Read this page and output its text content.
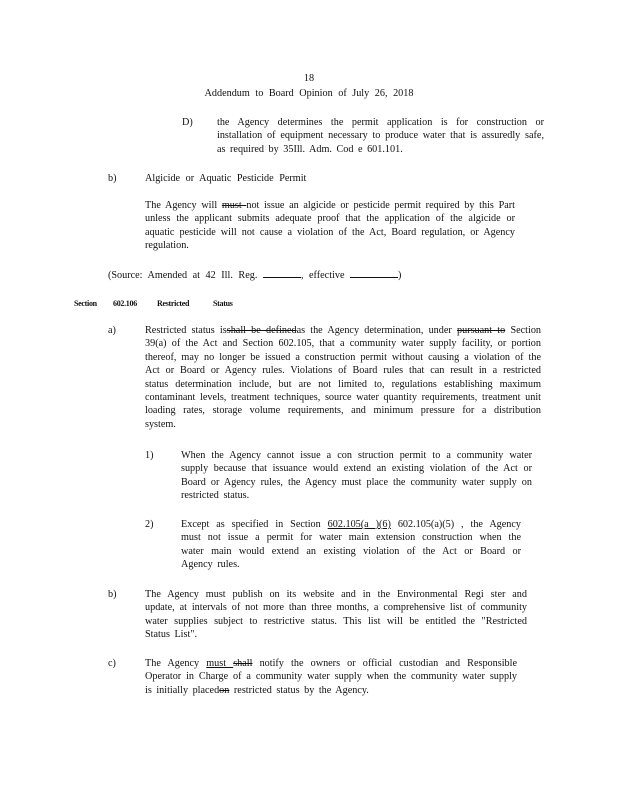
18
Addendum to Board Opinion of July 26, 2018
D) the Agency determines the permit application is for construction or installation of equipment necessary to produce water that is assuredly safe, as required by 35Ill. Adm. Cod e 601.101.
b)	Algicide or Aquatic Pesticide Permit
The Agency will must not issue an algicide or pesticide permit required by this Part unless the applicant submits adequate proof that the application of the algicide or aquatic pesticide will not cause a violation of the Act, Board regulation, or Agency regulation.
(Source: Amended at 42 Ill. Reg.	, effective	)
Section 602.106	Restricted	Status
a)	Restricted status isshall be definedas the Agency determination, under pursuant to Section 39(a) of the Act and Section 602.105, that a community water supply facility, or portion thereof, may no longer be issued a construction permit without causing a violation of the Act or Board or Agency rules. Violations of Board rules that can result in a restricted status determination include, but are not limited to, regulations establishing maximum contaminant levels, treatment techniques, source water quantity requirements, treatment unit loading rates, storage volume requirements, and minimum pressure for a distribution system.
1)	When the Agency cannot issue a con struction permit to a community water supply because that issuance would extend an existing violation of the Act or Board or Agency rules, the Agency must place the community water supply on restricted status.
2)	Except as specified in Section 602.105(a )(6) 602.105(a)(5) , the Agency must not issue a permit for water main extension construction when the water main would extend an existing violation of the Act or Board or Agency rules.
b)	The Agency must publish on its website and in the Environmental Regi ster and update, at intervals of not more than three months, a comprehensive list of community water supplies subject to restrictive status. This list will be entitled the "Restricted Status List".
c)	The Agency must shall notify the owners or official custodian and Responsible Operator in Charge of a community water supply when the community water supply is initially placedon restricted status by the Agency.
